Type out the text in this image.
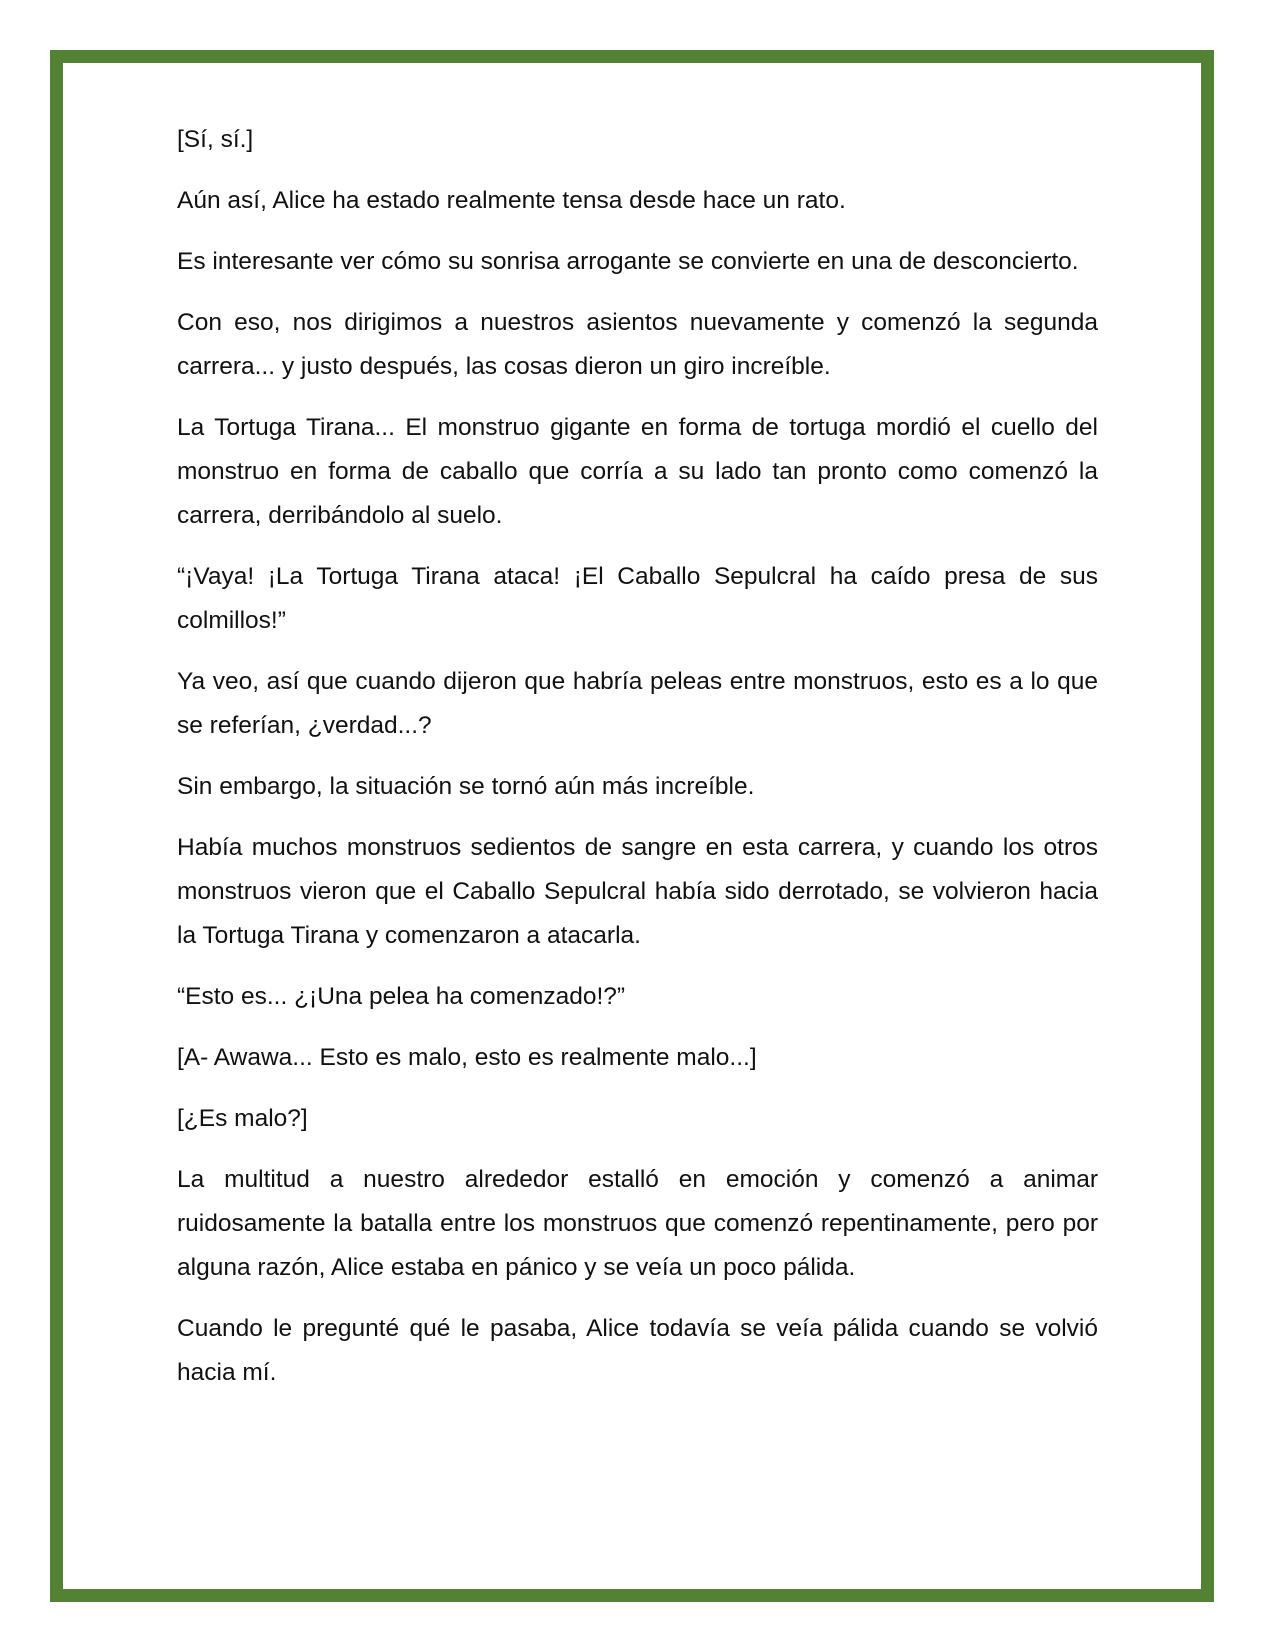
[Sí, sí.]

Aún así, Alice ha estado realmente tensa desde hace un rato.

Es interesante ver cómo su sonrisa arrogante se convierte en una de desconcierto.

Con eso, nos dirigimos a nuestros asientos nuevamente y comenzó la segunda carrera... y justo después, las cosas dieron un giro increíble.

La Tortuga Tirana... El monstruo gigante en forma de tortuga mordió el cuello del monstruo en forma de caballo que corría a su lado tan pronto como comenzó la carrera, derribándolo al suelo.

“¡Vaya! ¡La Tortuga Tirana ataca! ¡El Caballo Sepulcral ha caído presa de sus colmillos!”

Ya veo, así que cuando dijeron que habría peleas entre monstruos, esto es a lo que se referían, ¿verdad...?

Sin embargo, la situación se tornó aún más increíble.

Había muchos monstruos sedientos de sangre en esta carrera, y cuando los otros monstruos vieron que el Caballo Sepulcral había sido derrotado, se volvieron hacia la Tortuga Tirana y comenzaron a atacarla.

“Esto es... ¿¡Una pelea ha comenzado!?”

[A- Awawa... Esto es malo, esto es realmente malo...]

[¿Es malo?]

La multitud a nuestro alrededor estalló en emoción y comenzó a animar ruidosamente la batalla entre los monstruos que comenzó repentinamente, pero por alguna razón, Alice estaba en pánico y se veía un poco pálida.

Cuando le pregunté qué le pasaba, Alice todavía se veía pálida cuando se volvió hacia mí.
